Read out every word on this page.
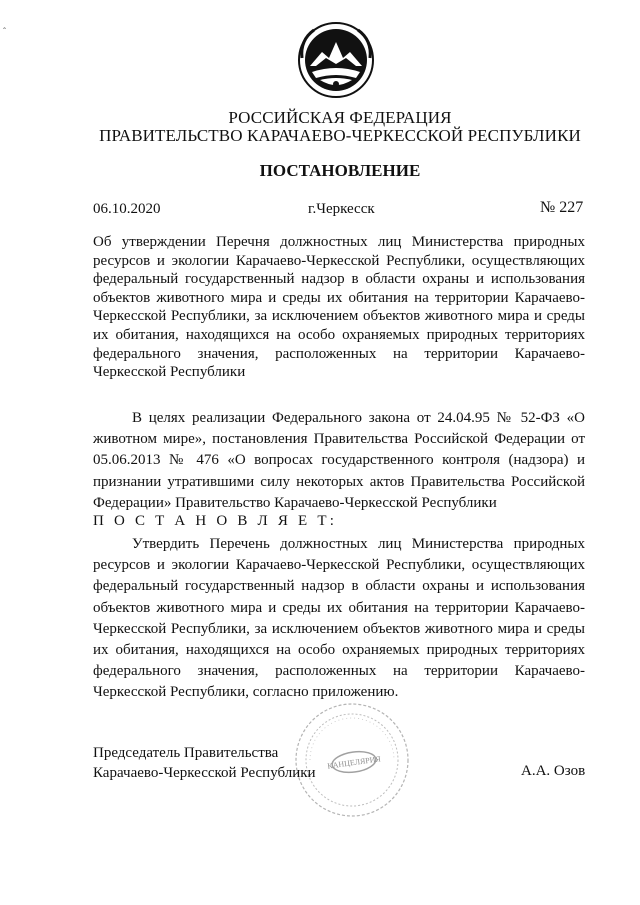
ˆ
РОССИЙСКАЯ ФЕДЕРАЦИЯ
ПРАВИТЕЛЬСТВО КАРАЧАЕВО-ЧЕРКЕССКОЙ РЕСПУБЛИКИ
ПОСТАНОВЛЕНИЕ
06.10.2020	г.Черкесск	№ 227
Об утверждении Перечня должностных лиц Министерства природных ресурсов и экологии Карачаево-Черкесской Республики, осуществляющих федеральный государственный надзор в области охраны и использования объектов животного мира и среды их обитания на территории Карачаево-Черкесской Республики, за исключением объектов животного мира и среды их обитания, находящихся на особо охраняемых природных территориях федерального значения, расположенных на территории Карачаево-Черкесской Республики
В целях реализации Федерального закона от 24.04.95 № 52-ФЗ «О животном мире», постановления Правительства Российской Федерации от 05.06.2013 № 476 «О вопросах государственного контроля (надзора) и признании утратившими силу некоторых актов Правительства Российской Федерации» Правительство Карачаево-Черкесской Республики
П О С Т А Н О В Л Я Е Т:
Утвердить Перечень должностных лиц Министерства природных ресурсов и экологии Карачаево-Черкесской Республики, осуществляющих федеральный государственный надзор в области охраны и использования объектов животного мира и среды их обитания на территории Карачаево-Черкесской Республики, за исключением объектов животного мира и среды их обитания, находящихся на особо охраняемых природных территориях федерального значения, расположенных на территории Карачаево-Черкесской Республики, согласно приложению.
КАНЦЕЛЯРИЯ
Председатель Правительства
Карачаево-Черкесской Республики	А.А. Озов
